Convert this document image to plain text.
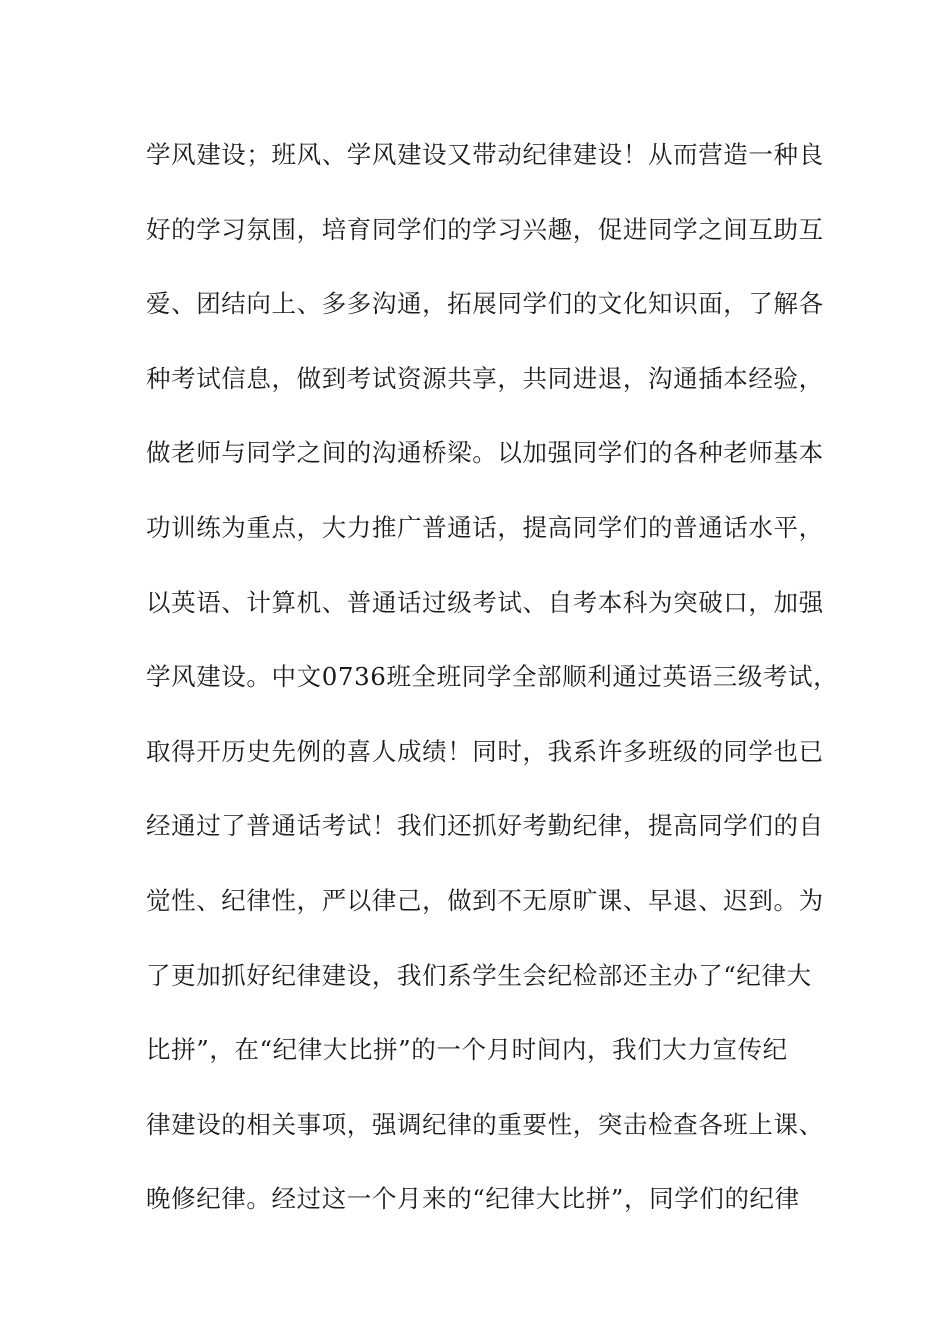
学风建设；班风、学风建设又带动纪律建设！从而营造一种良
好的学习氛围，培育同学们的学习兴趣，促进同学之间互助互
爱、团结向上、多多沟通，拓展同学们的文化知识面，了解各
种考试信息，做到考试资源共享，共同进退，沟通插本经验，
做老师与同学之间的沟通桥梁。以加强同学们的各种老师基本
功训练为重点，大力推广普通话，提高同学们的普通话水平，
以英语、计算机、普通话过级考试、自考本科为突破口，加强
学风建设。中文0736班全班同学全部顺利通过英语三级考试，
取得开历史先例的喜人成绩！同时，我系许多班级的同学也已
经通过了普通话考试！我们还抓好考勤纪律，提高同学们的自
觉性、纪律性，严以律己，做到不无原旷课、早退、迟到。为
了更加抓好纪律建设，我们系学生会纪检部还主办了“纪律大
比拼”，在“纪律大比拼”的一个月时间内，我们大力宣传纪
律建设的相关事项，强调纪律的重要性，突击检查各班上课、
晚修纪律。经过这一个月来的“纪律大比拼”，同学们的纪律
